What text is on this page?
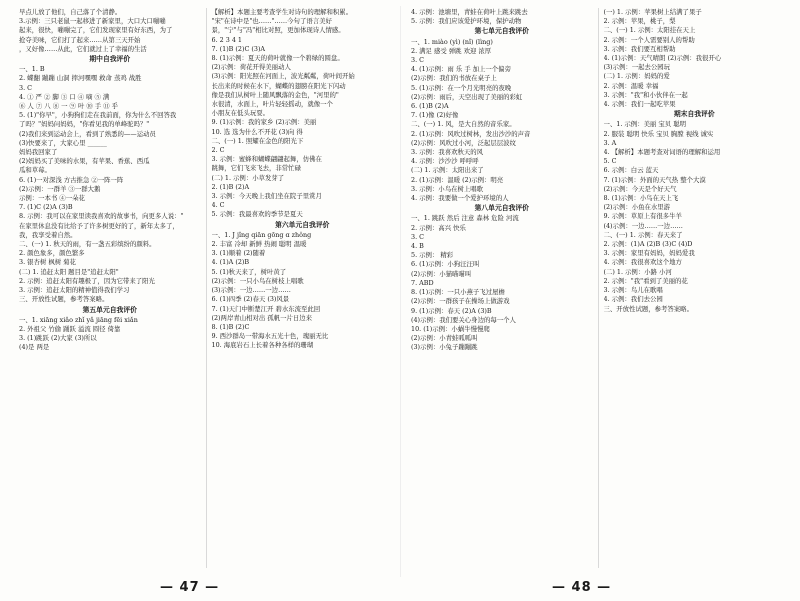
早点儿放了他们，自己落了个清静。
3.示例：三只老鼠一起移进了新家里，大口大口嘣嘣
起来，很快，嘣嘣完了，它们发现家里有好东西，为了
抢夺美味，它们打了起来……从第三天开始
，又好像……从此，它们就过上了幸福的生活
期中自我评价
一、1. B
2. 蝶翻 蹦蹦 山洞 摔河嘿嘿 救命 蒸鸡 战胜
3. C
4. ① 严 ② 脚 ③ 口 ④ 嘀 ⑤ 满
⑥ 人 ⑦ 八 ⑧ 一 ⑨ 叶 ⑩ 手 ⑪ 乎
5. (1)"你早"，小狗狗们走在我前面，你为什么不回答我
了吗？"妈妈问妈妈，"你看见我的单峰驼吗？"
(2)我们来到运动会上，看到了熟悉的——运动员
(3)快要来了，大家心里 ______
妈妈我回家了
(2)妈妈买了美味的水果，有苹果、香蕉、西瓜
瓜和草莓。
6. (1)一对深浅 方古推急 ②一阵一阵
(2)示例：一群羊 ③一群大鹅
示例：一本书 ④一朵花
7. (1)C (2)A (3)B
8. 示例：我可以在家里读我喜欢的故事书，向更多人说："
在家里休息没有比给予了许多树更好的了，新年太多了，
我，我享受着自然。
二、(一) 1. 秋天的雨，有一盏五彩缤纷的颜料。
2. 颜色象多，颜色繁多
3. 银杏树 枫树 菊花
(二) 1. 追赶太阳 题目是"追赶太阳"
2. 示例：追赶太阳有趣极了，因为它带来了阳光
3. 示例：追赶太阳的精神值得我们学习
三、开放性试题，参考答案略。
第五单元自我评价
一、1. xiāng xiǎo zhǐ yǎ jiāng fēi xiǎn
2. 外祖父 竹偷 踊跃 溢流 圆径 倚靠
3. (1)跳跃 (2)大家 (3)所以
(4)是 两是
【解析】本题主要考查学生对诗句的理解和积累。
"宋"在诗中是"也……"……今句了语言美好
景，"宁"与"冯"相比对照，更加体现诗人情感。
6. 2 3 4 1
7. (1)B (2)C (3)A
8. (1)示例：夏天的荷叶就像一个碧绿的圆盘。
(2)示例：荷花开得美丽动人
(3)示例：阳光照在河面上，波光粼粼，荷叶间开始
长出来的时候在水下，蝴蝶的翅膀在阳光下闪动
像是我们从树叶上随风飘落的金色，"河里的"
水很清，水面上，叶片轻轻摇动，就像一个
小朋友在低头玩耍。
9. (1)示例：我的家乡 (2)示例：美丽
10. 选 选为什么不开花 (3)向 得
二、(一) 1. 照耀在金色的阳光下
2. C
3. 示例：蜜蜂和蝴蝶翩翩起舞，仿佛在
跳舞，它们飞来飞去，非常忙碌
(二) 1. 示例：小草发芽了
2. (1)B (2)A
3. 示例：今天晚上我们坐在院子里赏月
4. C
5. 示例：我最喜欢的季节是夏天
第六单元自我评价
一、1. J jǐng qiān gōng ɑ zhǒng
2. 丰富 冷却 新鲜 热闹 聪明 温暖
3. (1)顺着 (2)随着
4. (1)A (2)B
5. (1)秋天来了，树叶黄了
(2)示例：一只小鸟在树枝上唱歌
(3)示例：一边……一边……
6. (1)四季 (2)春天 (3)风景
7. (1)天门中断楚江开 碧水东流至此回
(2)两岸青山相对出 孤帆一片日边来
8. (1)B (2)C
9. 西沙群岛一带海水五光十色，瑰丽无比
10. 海底岩石上长着各种各样的珊瑚
4. 示例：池塘里，青蛙在荷叶上跳来跳去
5. 示例：我们应该爱护环境，保护动物
第七单元自我评价
一、1. miào (yì) (nǐ) (lìng)
2. 满足 感受 弹跳 欢迎 浓厚
3. C
4. (1)示例：雨 乐 手 加上一个偏旁
(2)示例：我们的书放在桌子上
5. (1)示例：在一个月光明亮的夜晚
(2)示例：雨后，天空出现了美丽的彩虹
6. (1)B (2)A
7. (1)像 (2)好像
二、(一) 1. 风，是大自然的音乐家。
2. (1)示例：风吹过树林，发出沙沙的声音
(2)示例：风吹过小河，泛起层层波纹
3. 示例：我喜欢秋天的风
4. 示例：沙沙沙 呼呼呼
(二) 1. 示例：太阳出来了
2. (1)示例：温暖 (2)示例：明亮
3. 示例：小鸟在树上唱歌
4. 示例：我要做一个爱护环境的人
第八单元自我评价
一、1. 跳跃 然后 注意 森林 危险 河流
2. 示例：高兴 快乐
3. C
4. B
5. 示例： 精彩
6. (1)示例：小狗汪汪叫
(2)示例：小猫喵喵叫
7. ABD
8. (1)示例：一只小燕子飞过屋檐
(2)示例：一群孩子在操场上做游戏
9. (1)示例：春天 (2)A (3)B
(4)示例：我们要关心身边的每一个人
10. (1)示例：小蜗牛慢慢爬
(2)示例：小青蛙呱呱叫
(3)示例：小兔子蹦蹦跳
(一) 1. 示例：苹果树上结满了果子
2. 示例：苹果，桃子，梨
二、(一) 1. 示例：太阳挂在天上
2. 示例：一个人需要别人的帮助
3. 示例：我们要互相帮助
4. (1)示例：天气晴朗 (2)示例：我很开心
(3)示例：一起去公园玩
(二) 1. 示例：妈妈的爱
2. 示例：温暖 幸福
3. 示例："我"和小伙伴在一起
4. 示例：我们一起吃苹果
期末自我评价
一、1. 示例：美丽 宝贝 聪明
2. 服装 聪明 快乐 宝贝 胸膛 视线 诚实
3. A
4. 【解析】本题考查对词语的理解和运用
5. C
6. 示例：白云 蓝天
7. (1)示例：外面的天气热 整个大漠
(2)示例：今天是个好天气
8. (1)示例：小鸟在天上飞
(2)示例：小鱼在水里游
9. 示例：草原上有很多牛羊
(4)示例：一边……一边……
二、(一) 1. 示例：春天来了
2. 示例：(1)A (2)B (3)C (4)D
3. 示例：家里有妈妈，妈妈爱我
4. 示例：我很喜欢这个地方
(二) 1. 示例：小路 小河
2. 示例："我"看到了美丽的花
3. 示例：鸟儿在歌唱
4. 示例：我们去公园
三、开放性试题，参考答案略。
— 47 —	— 48 —
